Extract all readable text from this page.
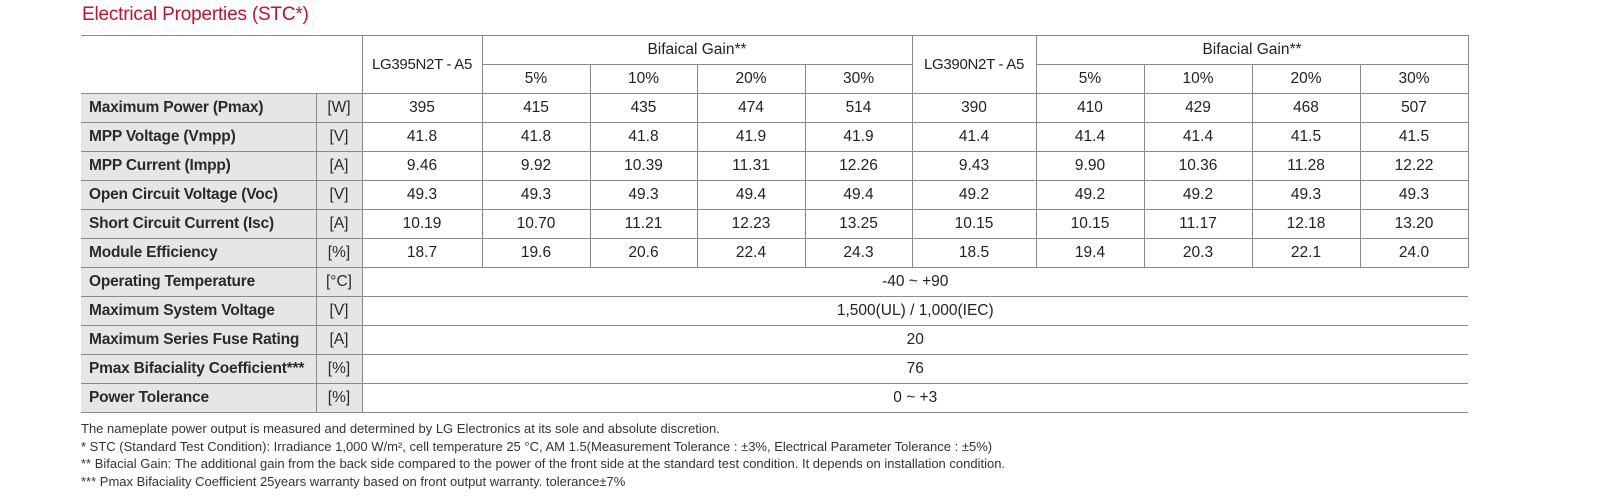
Electrical Properties (STC*)
		LG395N2T - A5	Bifaical Gain**				LG390N2T - A5	Bifacial Gain**			
			5%	10%	20%	30%		5%	10%	20%	30%
Maximum Power (Pmax)	[W]	395	415	435	474	514	390	410	429	468	507
MPP Voltage (Vmpp)	[V]	41.8	41.8	41.8	41.9	41.9	41.4	41.4	41.4	41.5	41.5
MPP Current (Impp)	[A]	9.46	9.92	10.39	11.31	12.26	9.43	9.90	10.36	11.28	12.22
Open Circuit Voltage (Voc)	[V]	49.3	49.3	49.3	49.4	49.4	49.2	49.2	49.2	49.3	49.3
Short Circuit Current (Isc)	[A]	10.19	10.70	11.21	12.23	13.25	10.15	10.15	11.17	12.18	13.20
Module Efficiency	[%]	18.7	19.6	20.6	22.4	24.3	18.5	19.4	20.3	22.1	24.0
Operating Temperature	[°C]	-40 ~ +90									
Maximum System Voltage	[V]	1,500(UL) / 1,000(IEC)									
Maximum Series Fuse Rating	[A]	20									
Pmax Bifaciality Coefficient***	[%]	76									
Power Tolerance	[%]	0 ~ +3									
The nameplate power output is measured and determined by LG Electronics at its sole and absolute discretion.
* STC (Standard Test Condition): Irradiance 1,000 W/m², cell temperature 25 °C, AM 1.5(Measurement Tolerance : ±3%, Electrical Parameter Tolerance : ±5%)
** Bifacial Gain: The additional gain from the back side compared to the power of the front side at the standard test condition. It depends on installation condition.
*** Pmax Bifaciality Coefficient 25years warranty based on front output warranty. tolerance±7%
